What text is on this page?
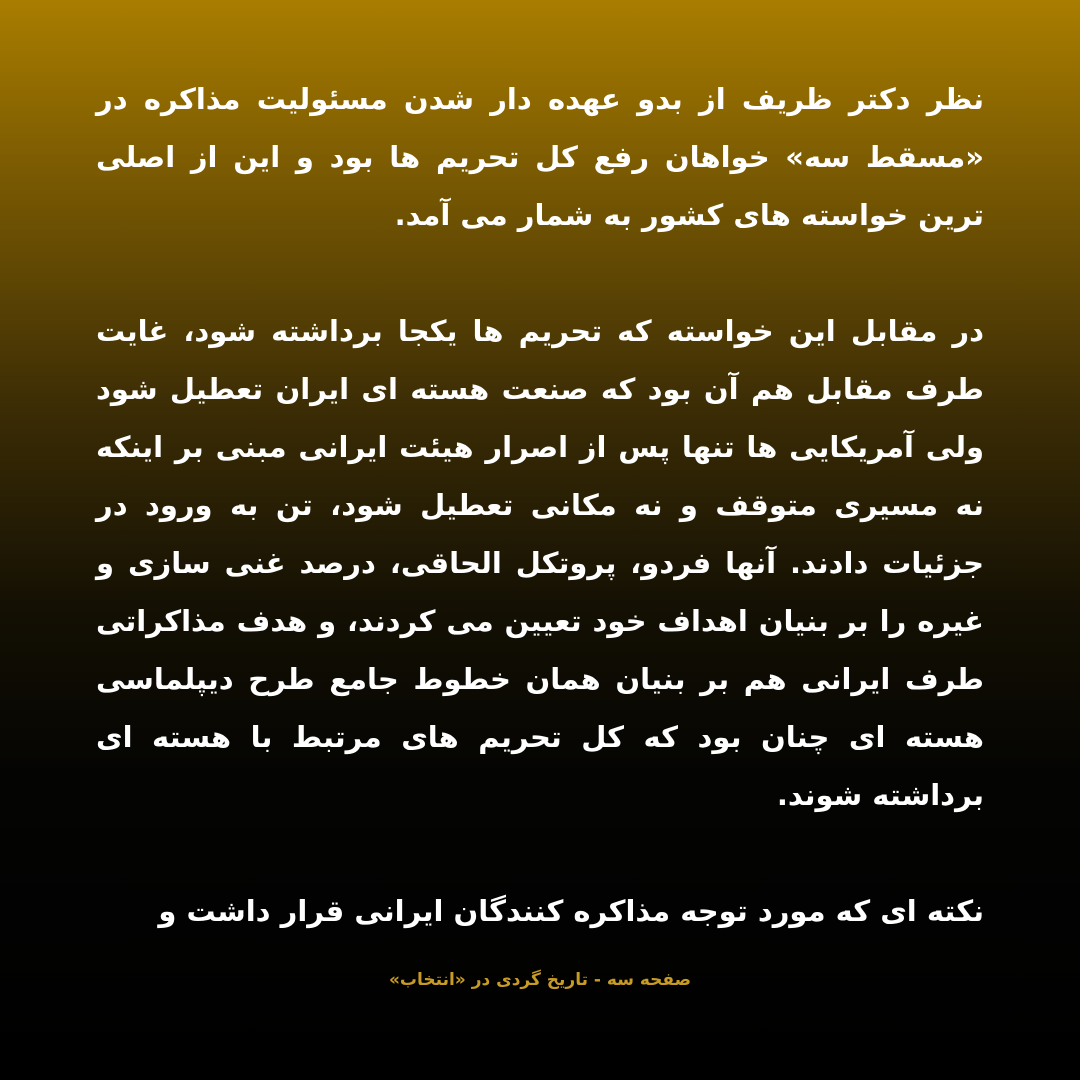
نظر دکتر ظریف از بدو عهده دار شدن مسئولیت مذاکره در «مسقط سه» خواهان رفع کل تحریم ها بود و این از اصلی ترین خواسته های کشور به شمار می آمد.

در مقابل این خواسته که تحریم ها یکجا برداشته شود، غایت طرف مقابل هم آن بود که صنعت هسته ای ایران تعطیل شود ولی آمریکایی ها تنها پس از اصرار هیئت ایرانی مبنی بر اینکه نه مسیری متوقف و نه مکانی تعطیل شود، تن به ورود در جزئیات دادند. آنها فردو، پروتکل الحاقی، درصد غنی سازی و غیره را بر بنیان اهداف خود تعیین می کردند، و هدف مذاکراتی طرف ایرانی هم بر بنیان همان خطوط جامع طرح دیپلماسی هسته ای چنان بود که کل تحریم های مرتبط با هسته ای برداشته شوند.

نکته ای که مورد توجه مذاکره کنندگان ایرانی قرار داشت و

صفحه سه - تاریخ گردی در «انتخاب»
